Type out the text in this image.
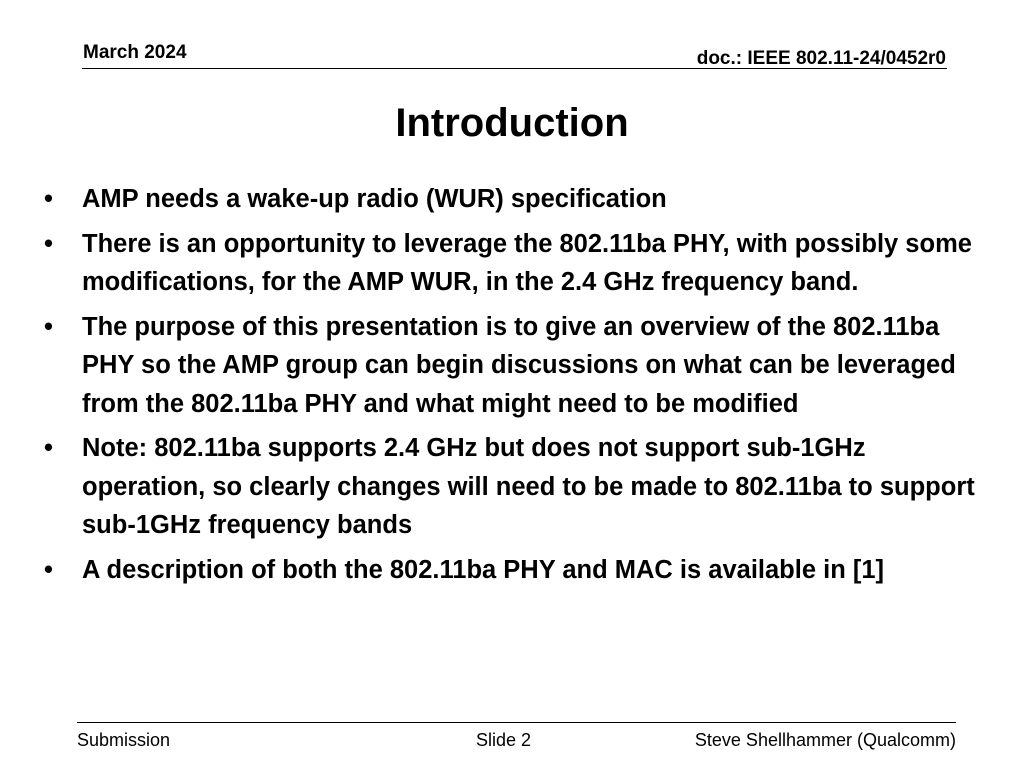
March 2024	doc.: IEEE 802.11-24/0452r0
Introduction
• AMP needs a wake-up radio (WUR) specification
• There is an opportunity to leverage the 802.11ba PHY, with possibly some modifications, for the AMP WUR, in the 2.4 GHz frequency band.
• The purpose of this presentation is to give an overview of the 802.11ba PHY so the AMP group can begin discussions on what can be leveraged from the 802.11ba PHY and what might need to be modified
• Note: 802.11ba supports 2.4 GHz but does not support sub-1GHz operation, so clearly changes will need to be made to 802.11ba to support sub-1GHz frequency bands
• A description of both the 802.11ba PHY and MAC is available in [1]
Submission	Slide 2	Steve Shellhammer (Qualcomm)
